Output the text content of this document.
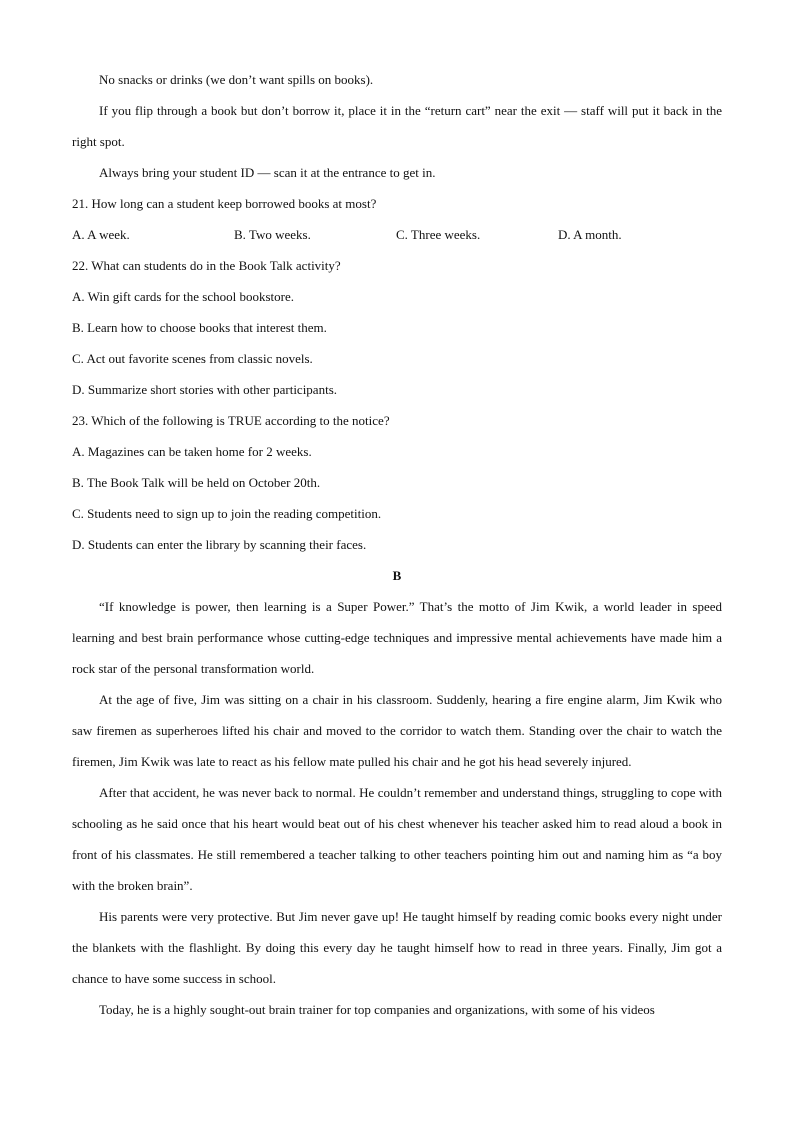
No snacks or drinks (we don’t want spills on books).

If you flip through a book but don’t borrow it, place it in the “return cart” near the exit — staff will put it back in the right spot.

Always bring your student ID — scan it at the entrance to get in.

21. How long can a student keep borrowed books at most?

A. A week.	B. Two weeks.	C. Three weeks.	D. A month.

22. What can students do in the Book Talk activity?

A. Win gift cards for the school bookstore.

B. Learn how to choose books that interest them.

C. Act out favorite scenes from classic novels.

D. Summarize short stories with other participants.

23. Which of the following is TRUE according to the notice?

A. Magazines can be taken home for 2 weeks.

B. The Book Talk will be held on October 20th.

C. Students need to sign up to join the reading competition.

D. Students can enter the library by scanning their faces.

B

“If knowledge is power, then learning is a Super Power.” That’s the motto of Jim Kwik, a world leader in speed learning and best brain performance whose cutting-edge techniques and impressive mental achievements have made him a rock star of the personal transformation world.

At the age of five, Jim was sitting on a chair in his classroom. Suddenly, hearing a fire engine alarm, Jim Kwik who saw firemen as superheroes lifted his chair and moved to the corridor to watch them. Standing over the chair to watch the firemen, Jim Kwik was late to react as his fellow mate pulled his chair and he got his head severely injured.

After that accident, he was never back to normal. He couldn’t remember and understand things, struggling to cope with schooling as he said once that his heart would beat out of his chest whenever his teacher asked him to read aloud a book in front of his classmates. He still remembered a teacher talking to other teachers pointing him out and naming him as “a boy with the broken brain”.

His parents were very protective. But Jim never gave up! He taught himself by reading comic books every night under the blankets with the flashlight. By doing this every day he taught himself how to read in three years. Finally, Jim got a chance to have some success in school.

Today, he is a highly sought-out brain trainer for top companies and organizations, with some of his videos
